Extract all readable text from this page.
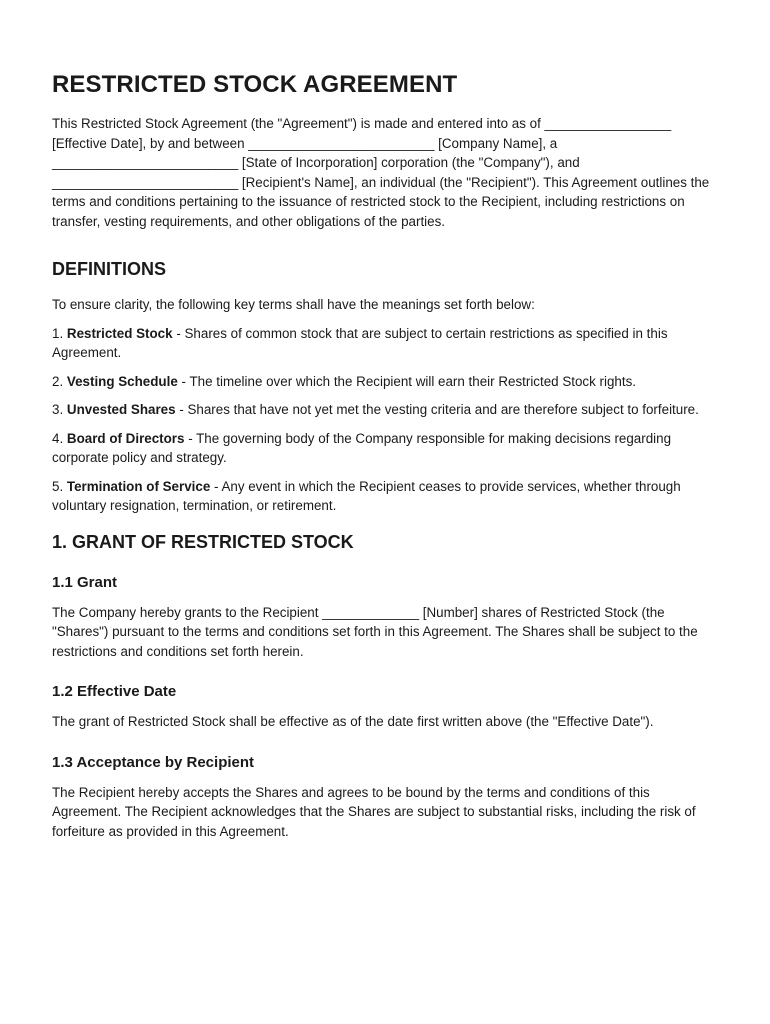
RESTRICTED STOCK AGREEMENT

This Restricted Stock Agreement (the "Agreement") is made and entered into as of _________________ [Effective Date], by and between _________________________ [Company Name], a _________________________ [State of Incorporation] corporation (the "Company"), and _________________________ [Recipient's Name], an individual (the "Recipient"). This Agreement outlines the terms and conditions pertaining to the issuance of restricted stock to the Recipient, including restrictions on transfer, vesting requirements, and other obligations of the parties.

DEFINITIONS

To ensure clarity, the following key terms shall have the meanings set forth below:

1. Restricted Stock - Shares of common stock that are subject to certain restrictions as specified in this Agreement.

2. Vesting Schedule - The timeline over which the Recipient will earn their Restricted Stock rights.

3. Unvested Shares - Shares that have not yet met the vesting criteria and are therefore subject to forfeiture.

4. Board of Directors - The governing body of the Company responsible for making decisions regarding corporate policy and strategy.

5. Termination of Service - Any event in which the Recipient ceases to provide services, whether through voluntary resignation, termination, or retirement.

1. GRANT OF RESTRICTED STOCK
1.1 Grant

The Company hereby grants to the Recipient _____________ [Number] shares of Restricted Stock (the "Shares") pursuant to the terms and conditions set forth in this Agreement. The Shares shall be subject to the restrictions and conditions set forth herein.

1.2 Effective Date

The grant of Restricted Stock shall be effective as of the date first written above (the "Effective Date").

1.3 Acceptance by Recipient

The Recipient hereby accepts the Shares and agrees to be bound by the terms and conditions of this Agreement. The Recipient acknowledges that the Shares are subject to substantial risks, including the risk of forfeiture as provided in this Agreement.
